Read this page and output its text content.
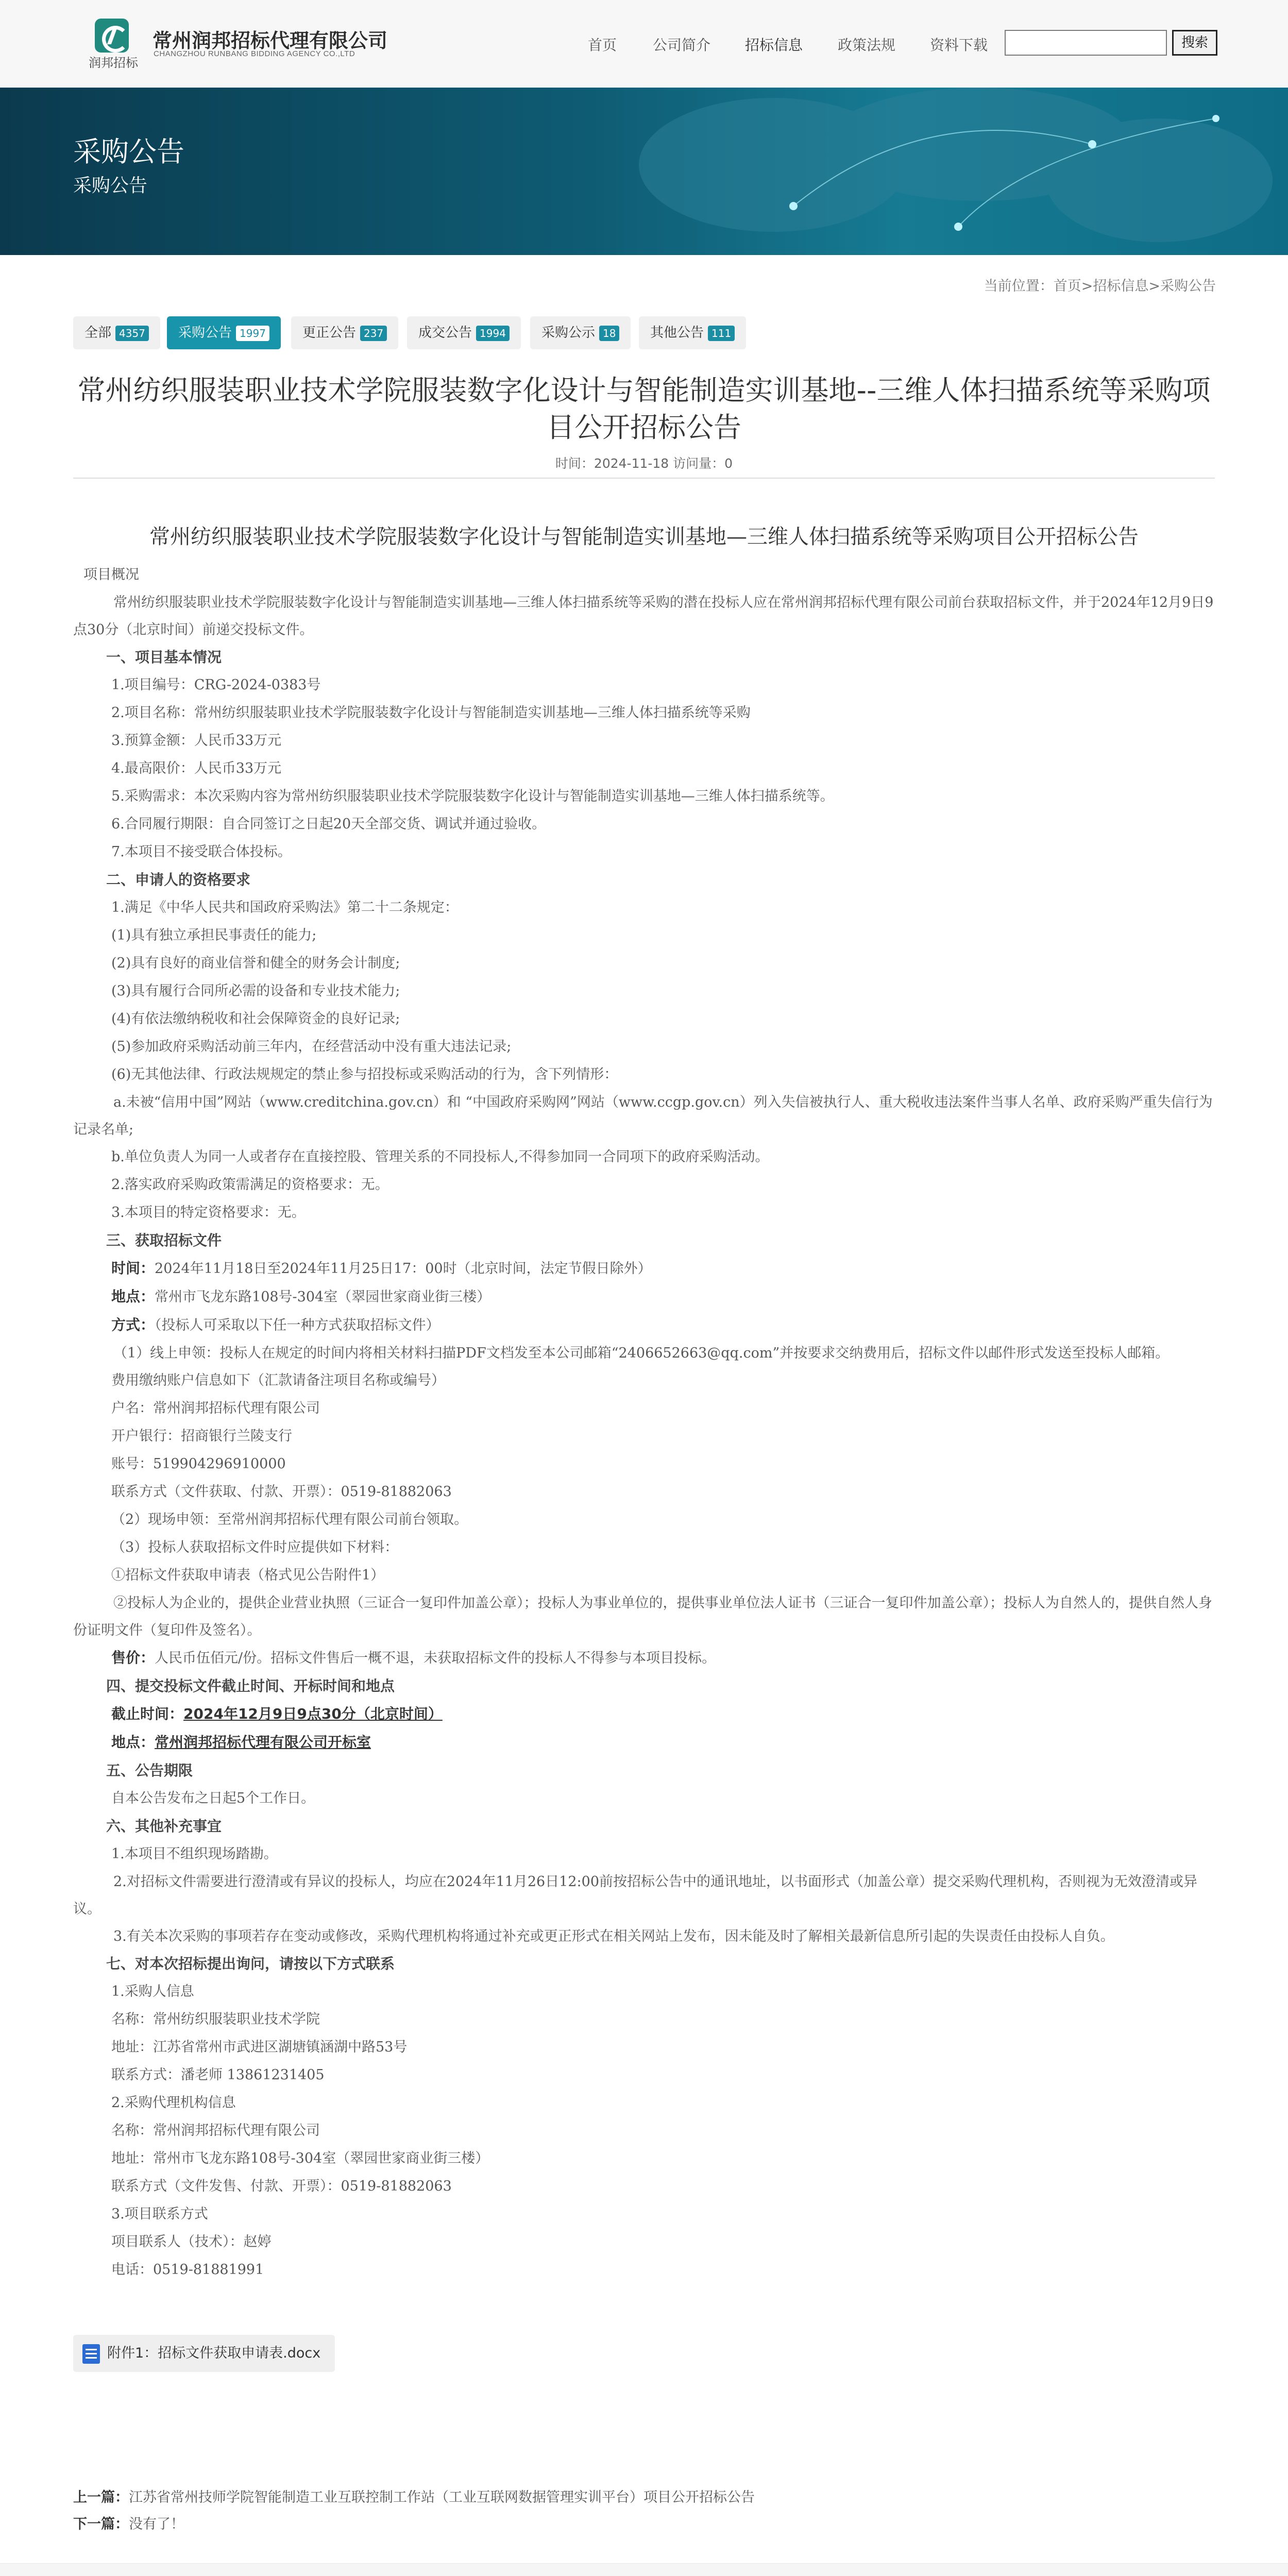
润邦招标
常州润邦招标代理有限公司
CHANGZHOU RUNBANG BIDDING AGENCY CO.,LTD
首页 公司简介 招标信息 政策法规 资料下载	搜索
采购公告
采购公告
当前位置：首页>招标信息>采购公告
全部 4357	采购公告 1997	更正公告 237	成交公告 1994	采购公示 18	其他公告 111
常州纺织服装职业技术学院服装数字化设计与智能制造实训基地--三维人体扫描系统等采购项目公开招标公告
时间：2024-11-18 访问量：0
常州纺织服装职业技术学院服装数字化设计与智能制造实训基地—三维人体扫描系统等采购项目公开招标公告
项目概况
常州纺织服装职业技术学院服装数字化设计与智能制造实训基地—三维人体扫描系统等采购的潜在投标人应在常州润邦招标代理有限公司前台获取招标文件，并于2024年12月9日9点30分（北京时间）前递交投标文件。
一、项目基本情况
1.项目编号：CRG-2024-0383号
2.项目名称：常州纺织服装职业技术学院服装数字化设计与智能制造实训基地—三维人体扫描系统等采购
3.预算金额：人民币33万元
4.最高限价：人民币33万元
5.采购需求：本次采购内容为常州纺织服装职业技术学院服装数字化设计与智能制造实训基地—三维人体扫描系统等。
6.合同履行期限：自合同签订之日起20天全部交货、调试并通过验收。
7.本项目不接受联合体投标。
二、申请人的资格要求
1.满足《中华人民共和国政府采购法》第二十二条规定：
(1)具有独立承担民事责任的能力;
(2)具有良好的商业信誉和健全的财务会计制度;
(3)具有履行合同所必需的设备和专业技术能力;
(4)有依法缴纳税收和社会保障资金的良好记录;
(5)参加政府采购活动前三年内，在经营活动中没有重大违法记录;
(6)无其他法律、行政法规规定的禁止参与招投标或采购活动的行为，含下列情形：
a.未被“信用中国”网站（www.creditchina.gov.cn）和 “中国政府采购网”网站（www.ccgp.gov.cn）列入失信被执行人、重大税收违法案件当事人名单、政府采购严重失信行为记录名单;
b.单位负责人为同一人或者存在直接控股、管理关系的不同投标人,不得参加同一合同项下的政府采购活动。
2.落实政府采购政策需满足的资格要求：无。
3.本项目的特定资格要求：无。
三、获取招标文件
时间：2024年11月18日至2024年11月25日17：00时（北京时间，法定节假日除外）
地点：常州市飞龙东路108号-304室（翠园世家商业街三楼）
方式：（投标人可采取以下任一种方式获取招标文件）
（1）线上申领：投标人在规定的时间内将相关材料扫描PDF文档发至本公司邮箱“2406652663@qq.com”并按要求交纳费用后，招标文件以邮件形式发送至投标人邮箱。
费用缴纳账户信息如下（汇款请备注项目名称或编号）
户名：常州润邦招标代理有限公司
开户银行：招商银行兰陵支行
账号：519904296910000
联系方式（文件获取、付款、开票）：0519-81882063
（2）现场申领：至常州润邦招标代理有限公司前台领取。
（3）投标人获取招标文件时应提供如下材料：
①招标文件获取申请表（格式见公告附件1）
②投标人为企业的，提供企业营业执照（三证合一复印件加盖公章）；投标人为事业单位的，提供事业单位法人证书（三证合一复印件加盖公章）；投标人为自然人的，提供自然人身份证明文件（复印件及签名）。
售价：人民币伍佰元/份。招标文件售后一概不退，未获取招标文件的投标人不得参与本项目投标。
四、提交投标文件截止时间、开标时间和地点
截止时间：2024年12月9日9点30分（北京时间）
地点：常州润邦招标代理有限公司开标室
五、公告期限
自本公告发布之日起5个工作日。
六、其他补充事宜
1.本项目不组织现场踏勘。
2.对招标文件需要进行澄清或有异议的投标人，均应在2024年11月26日12:00前按招标公告中的通讯地址，以书面形式（加盖公章）提交采购代理机构，否则视为无效澄清或异议。
3.有关本次采购的事项若存在变动或修改，采购代理机构将通过补充或更正形式在相关网站上发布，因未能及时了解相关最新信息所引起的失误责任由投标人自负。
七、对本次招标提出询问，请按以下方式联系
1.采购人信息
名称：常州纺织服装职业技术学院
地址：江苏省常州市武进区湖塘镇涵湖中路53号
联系方式：潘老师 13861231405
2.采购代理机构信息
名称：常州润邦招标代理有限公司
地址：常州市飞龙东路108号-304室（翠园世家商业街三楼）
联系方式（文件发售、付款、开票）：0519-81882063
3.项目联系方式
项目联系人（技术）：赵婷
电话：0519-81881991
附件1：招标文件获取申请表.docx
上一篇：江苏省常州技师学院智能制造工业互联控制工作站（工业互联网数据管理实训平台）项目公开招标公告
下一篇：没有了！
